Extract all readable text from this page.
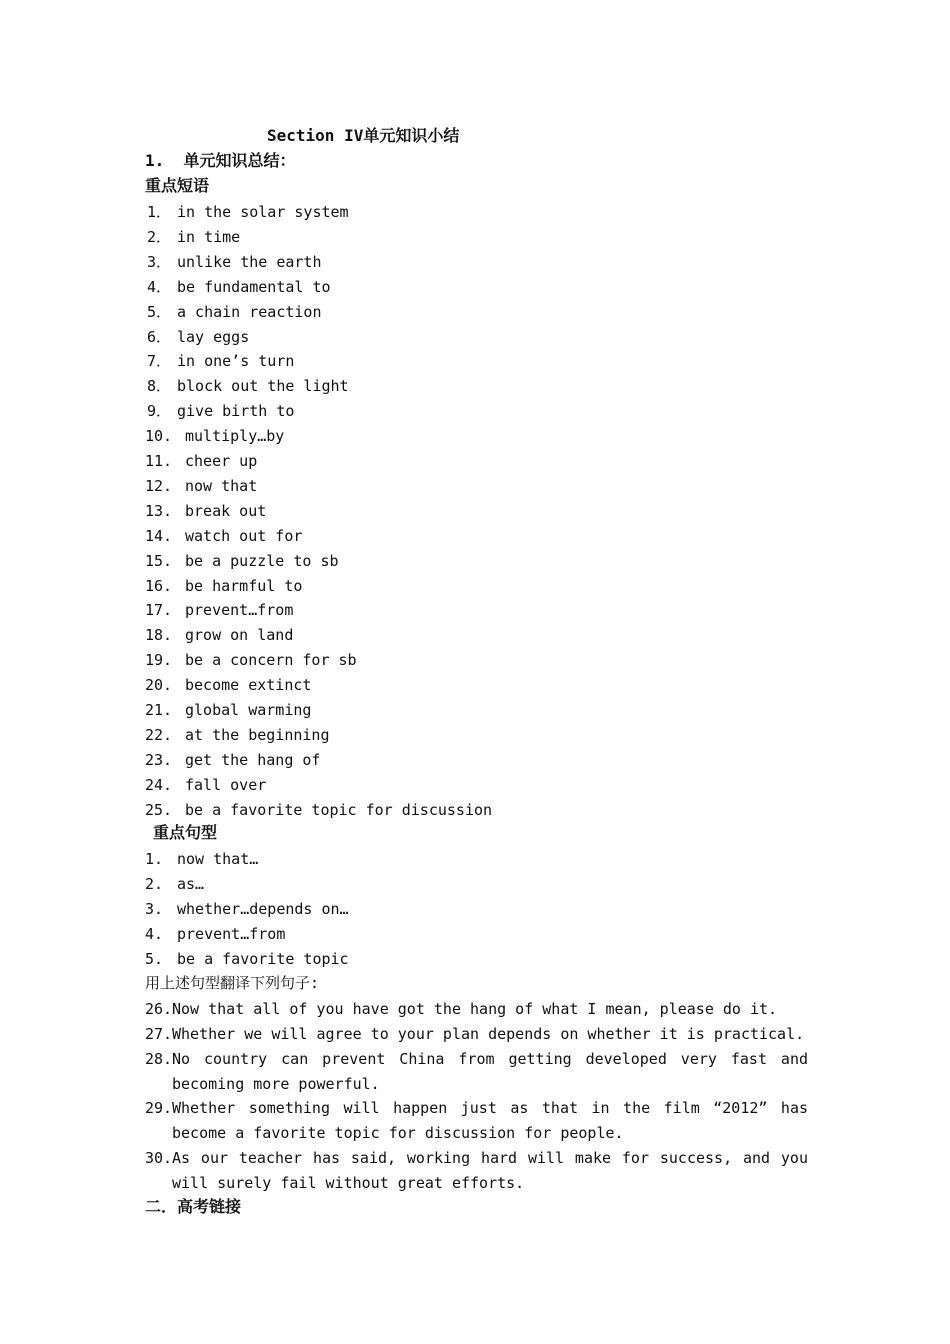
Section IV单元知识小结
1.  单元知识总结：
重点短语
1． in the solar system
2． in time
3． unlike the earth
4． be fundamental to
5． a chain reaction
6． lay eggs
7． in one’s turn
8． block out the light
9． give birth to
10. multiply…by
11. cheer up
12. now that
13. break out
14. watch out for
15. be a puzzle to sb
16. be harmful to
17. prevent…from
18. grow on land
19. be a concern for sb
20. become extinct
21. global warming
22. at the beginning
23. get the hang of
24. fall over
25. be a favorite topic for discussion
重点句型
1. now that…
2. as…
3. whether…depends on…
4. prevent…from
5. be a favorite topic
用上述句型翻译下列句子:
26. Now that all of you have got the hang of what I mean, please do it.
27. Whether we will agree to your plan depends on whether it is practical.
28. No country can prevent China from getting developed very fast and becoming more powerful.
29. Whether something will happen just as that in the film “2012” has become a favorite topic for discussion for people.
30. As our teacher has said, working hard will make for success, and you will surely fail without great efforts.
二．高考链接
